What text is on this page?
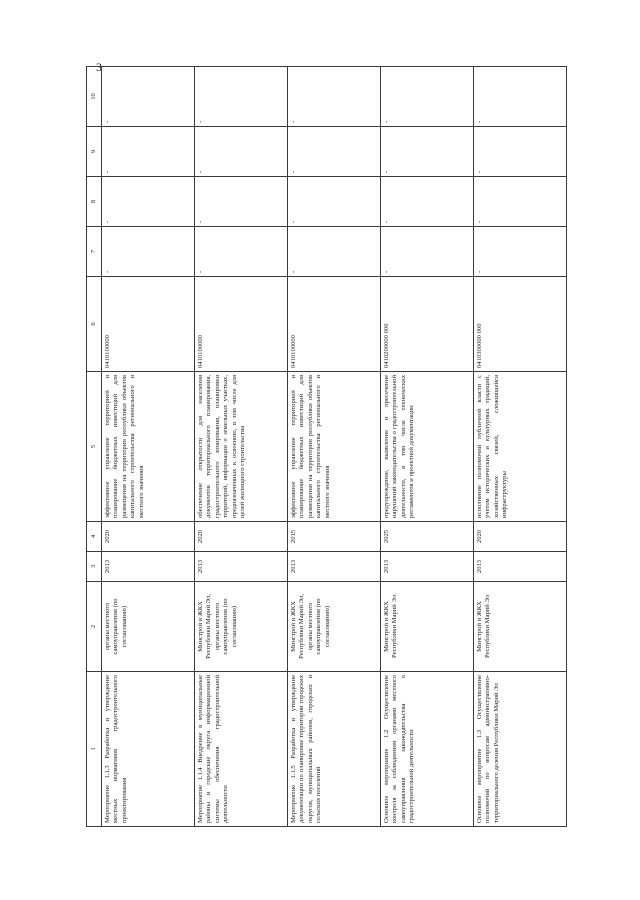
3
1	2	3	4	5	6	7	8	9	10
Мероприятие 1.1.3 Разработка и утверждение местных нормативов градостроительного проектирования	органы местного самоуправления (по согласованию)	2013	2020	эффективное управление территорией и планирование бюджетных инвестиций для размещения на территории республики объектов капитального строительства регионального и местного значения	0410100000	-	-	-	-
Мероприятие 1.1.4 Внедрение в муниципальные районы и городские округа информационной системы обеспечения градостроительной деятельности	Минстрой и ЖКХ Республики Марий Эл, органы местного самоуправления (по согласованию)	2013	2020	обеспечение открытости для населения документов территориального планирования, градостроительного зонирования, планировки территорий, информации о земельных участках, предназначенных к освоению, в том числе для целей жилищного строительства	0410100000	-	-	-	-
Мероприятие 1.1.5 Разработка и утверждение документации по планировке территории городских округов, муниципальных районов, городских и сельских поселений	Минстрой и ЖКХ Республики Марий Эл, органы местного самоуправления (по согласованию)	2013	2015	эффективное управление территорией и планирование бюджетных инвестиций для размещения на территории республики объектов капитального строительства регионального и местного значения	0410100000	-	-	-	-
Основное мероприятие 1.2 Осуществление контроля за соблюдением органами местного самоуправления законодательства о градостроительной деятельности	Минстрой и ЖКХ Республики Марий Эл	2013	2025	предупреждение, выявление и пресечение нарушений законодательства о градостроительной деятельности, в том числе технических регламентов и проектной документации	0410200000 000	-	-	-	-
Основное мероприятие 1.3 Осуществление полномочий по вопросам административно-территориального деления Республики Марий Эл	Минстрой и ЖКХ Республики Марий Эл	2013	2020	исполнение полномочий публичной власти с учетом исторических и культурных традиций, хозяйственных связей, сложившейся инфраструктуры	0410300000 000	-	-	-	-
